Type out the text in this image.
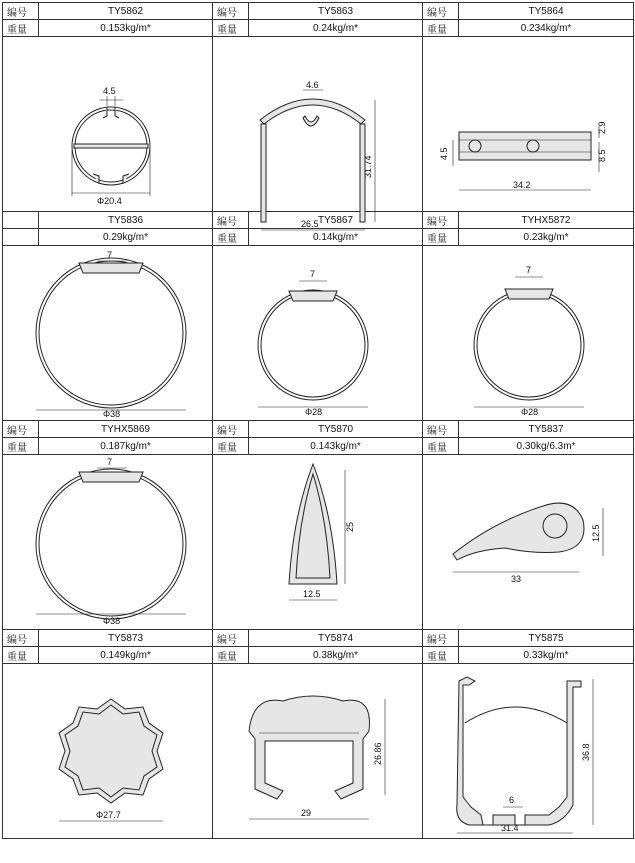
编号	TY5862	编号	TY5863	编号	TY5864
重量	0.153kg/m*	重量	0.24kg/m*	重量	0.234kg/m*

4.5
Φ20.4		4.6
31.74
26.5		2.9
4.5 8.5
34.2	

	TY5836	编号	TY5867	编号	TYHX5872
	0.29kg/m*	重量	0.14kg/m*	重量	0.23kg/m*

7
Φ38		7
Φ28		7
Φ28	

编号	TYHX5869	编号	TY5870	编号	TY5837
重量	0.187kg/m*	重量	0.143kg/m*	重量	0.30kg/6.3m*

7
Φ38		25
12.5		12.5
33	

编号	TY5873	编号	TY5874	编号	TY5875
重量	0.149kg/m*	重量	0.38kg/m*	重量	0.33kg/m*

Φ27.7		26.86
29		36.8
6
31.4	
